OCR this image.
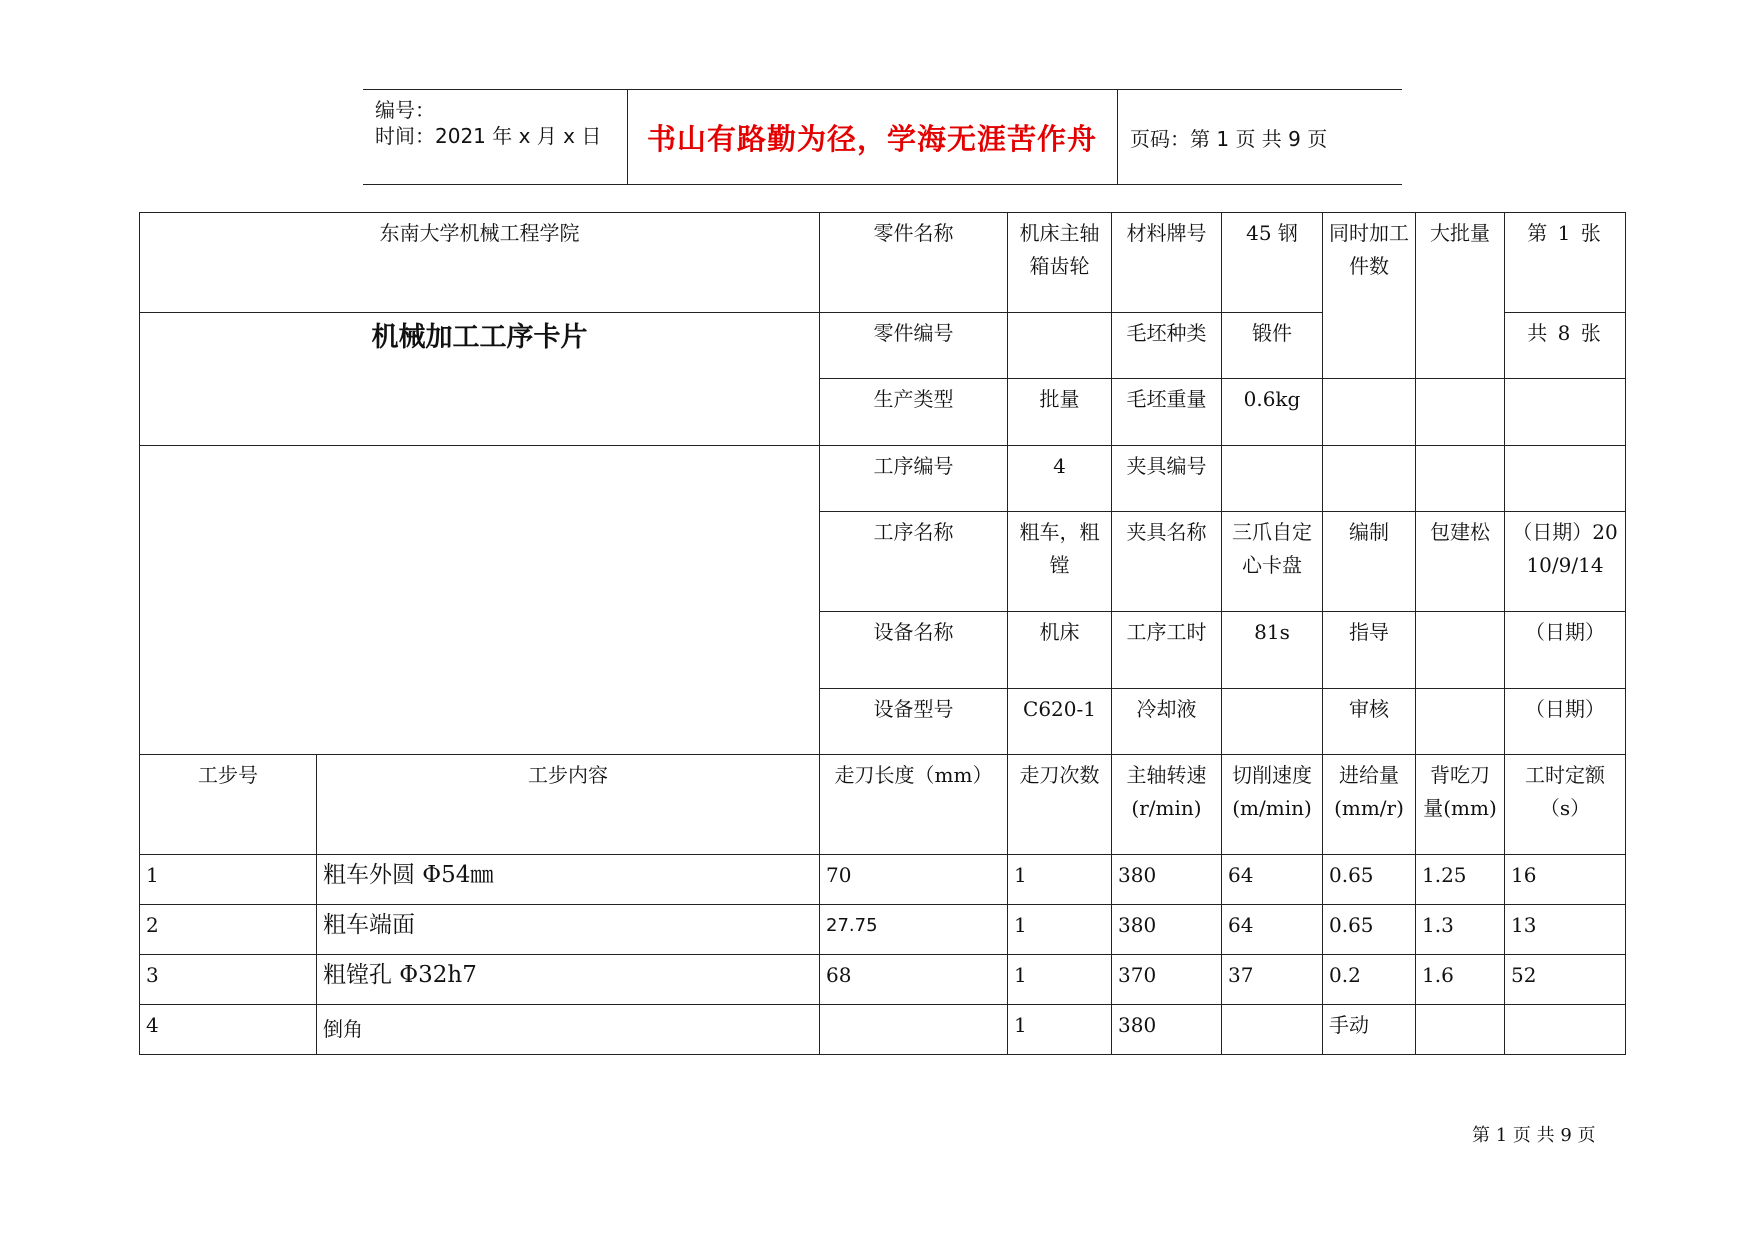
编号：
时间：2021 年 x 月 x 日 书山有路勤为径，学海无涯苦作舟	页码：第 1 页 共 9 页
东南大学机械工程学院		零件名称	机床主轴箱齿轮	材料牌号	45 钢	同时加工件数	大批量	第 1 张

机械加工工序卡片		零件编号		毛坯种类	锻件			共 8 张
		生产类型	批量	毛坯重量	0.6kg			
		工序编号	4	夹具编号				
		工序名称	粗车，粗镗	夹具名称	三爪自定心卡盘	编制	包建松	（日期）2010/9/14
		设备名称	机床	工序工时	81s	指导		（日期）
		设备型号	C620-1	冷却液		审核		（日期）
工步号	工步内容	走刀长度（mm）	走刀次数	主轴转速(r/min)	切削速度(m/min)	进给量(mm/r)	背吃刀量(mm)	工时定额（s）
1	粗车外圆 Φ54㎜	70	1	380	64	0.65	1.25	16
2	粗车端面	27.75	1	380	64	0.65	1.3	13
3	粗镗孔 Φ32h7	68	1	370	37	0.2	1.6	52
4	倒角		1	380		手动		
第 1 页 共 9 页
